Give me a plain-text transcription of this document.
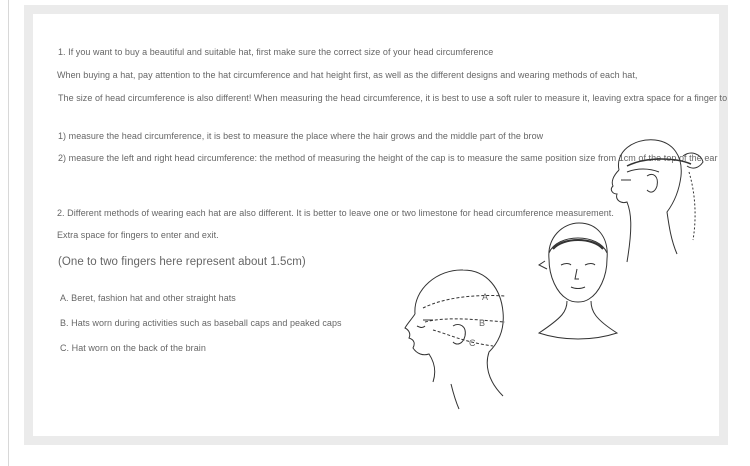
1. If you want to buy a beautiful and suitable hat, first make sure the correct size of your head circumference
When buying a hat, pay attention to the hat circumference and hat height first, as well as the different designs and wearing methods of each hat,
The size of head circumference is also different! When measuring the head circumference, it is best to use a soft ruler to measure it, leaving extra space for a finger to
1) measure the head circumference, it is best to measure the place where the hair grows and the middle part of the brow
2) measure the left and right head circumference: the method of measuring the height of the cap is to measure the same position size from 1cm of the top of the ear
2. Different methods of wearing each hat are also different. It is better to leave one or two limestone for head circumference measurement.
Extra space for fingers to enter and exit.
(One to two fingers here represent about 1.5cm)
A. Beret, fashion hat and other straight hats
B. Hats worn during activities such as baseball caps and peaked caps
C. Hat worn on the back of the brain
A
B
C
